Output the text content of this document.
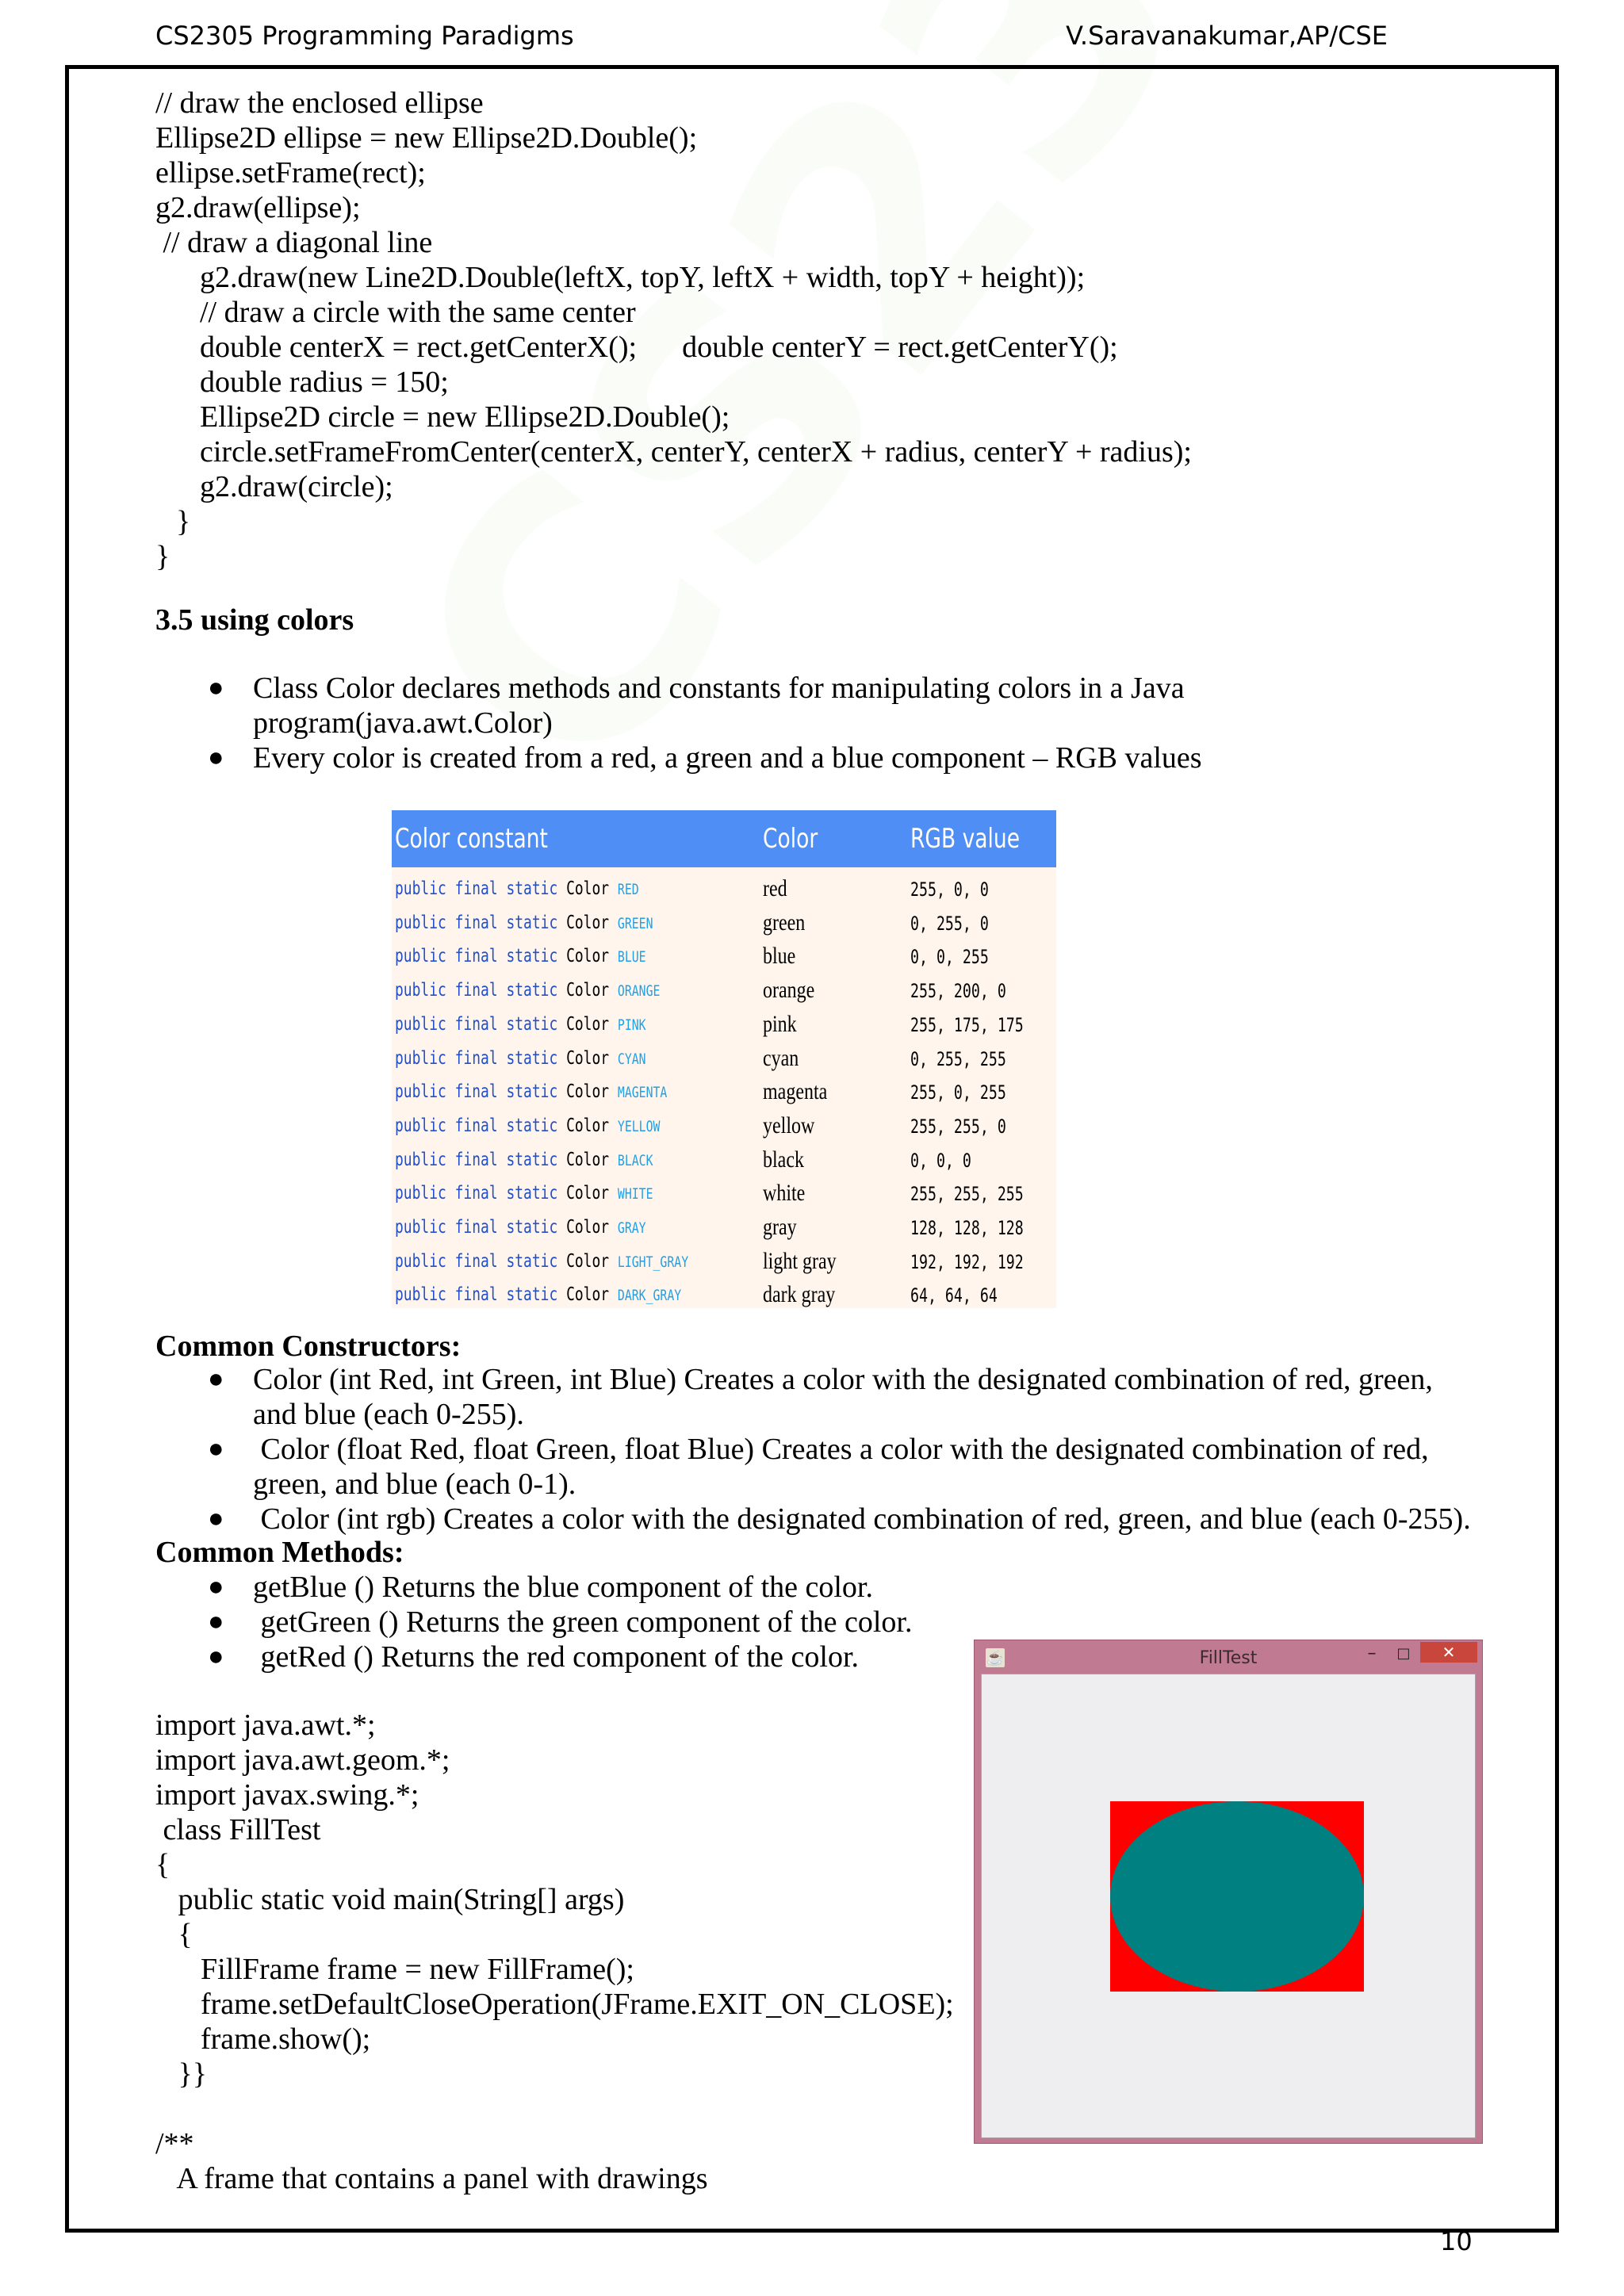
CS2305 Programming Paradigms	V.Saravanakumar,AP/CSE
// draw the enclosed ellipse
Ellipse2D ellipse = new Ellipse2D.Double();
ellipse.setFrame(rect);
g2.draw(ellipse);
// draw a diagonal line
g2.draw(new Line2D.Double(leftX, topY, leftX + width, topY + height));
// draw a circle with the same center
double centerX = rect.getCenterX();      double centerY = rect.getCenterY();
double radius = 150;
Ellipse2D circle = new Ellipse2D.Double();
circle.setFrameFromCenter(centerX, centerY, centerX + radius, centerY + radius);
g2.draw(circle);
}
}
3.5 using colors
● Class Color declares methods and constants for manipulating colors in a Java
program(java.awt.Color)
● Every color is created from a red, a green and a blue component – RGB values
Color constant	Color	RGB value
public final static Color RED	red	255, 0, 0
public final static Color GREEN	green	0, 255, 0
public final static Color BLUE	blue	0, 0, 255
public final static Color ORANGE	orange	255, 200, 0
public final static Color PINK	pink	255, 175, 175
public final static Color CYAN	cyan	0, 255, 255
public final static Color MAGENTA	magenta	255, 0, 255
public final static Color YELLOW	yellow	255, 255, 0
public final static Color BLACK	black	0, 0, 0
public final static Color WHITE	white	255, 255, 255
public final static Color GRAY	gray	128, 128, 128
public final static Color LIGHT_GRAY	light gray	192, 192, 192
public final static Color DARK_GRAY	dark gray	64, 64, 64
Common Constructors:
● Color (int Red, int Green, int Blue) Creates a color with the designated combination of red, green,
and blue (each 0-255).
● Color (float Red, float Green, float Blue) Creates a color with the designated combination of red,
green, and blue (each 0-1).
● Color (int rgb) Creates a color with the designated combination of red, green, and blue (each 0-255).
Common Methods:
● getBlue () Returns the blue component of the color.
● getGreen () Returns the green component of the color.
● getRed () Returns the red component of the color.
import java.awt.*;
import java.awt.geom.*;
import javax.swing.*;
class FillTest
{
public static void main(String[] args)
{
FillFrame frame = new FillFrame();
frame.setDefaultCloseOperation(JFrame.EXIT_ON_CLOSE);
frame.show();
}}
/**
A frame that contains a panel with drawings
☕	FillTest	–	□	✕
10
